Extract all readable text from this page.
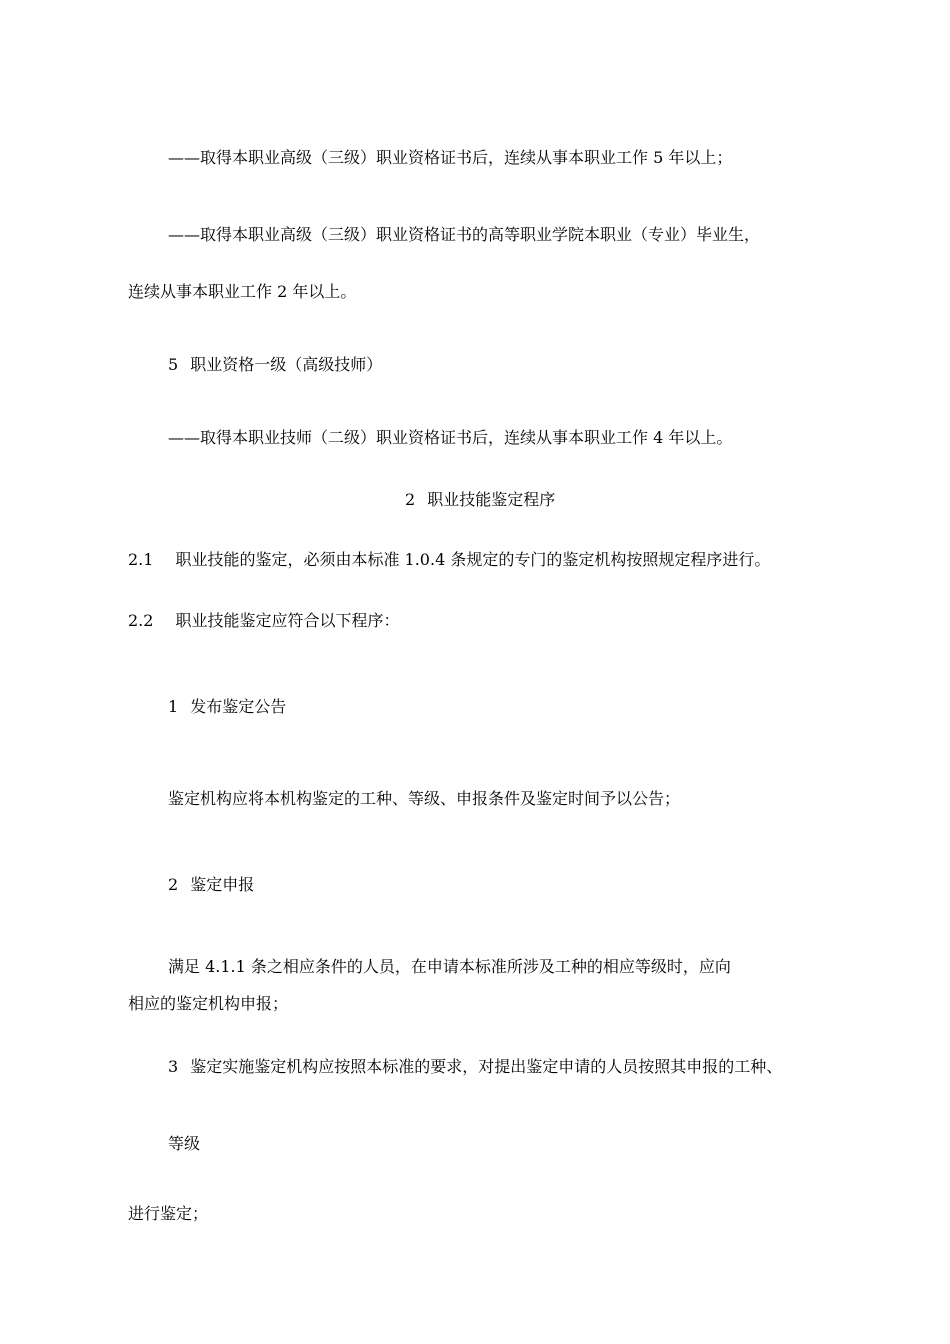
——取得本职业高级（三级）职业资格证书后，连续从事本职业工作 5 年以上；
——取得本职业高级（三级）职业资格证书的高等职业学院本职业（专业）毕业生，
连续从事本职业工作 2 年以上。
5 职业资格一级（高级技师）
——取得本职业技师（二级）职业资格证书后，连续从事本职业工作 4 年以上。
2 职业技能鉴定程序
2.1 职业技能的鉴定，必须由本标准 1.0.4 条规定的专门的鉴定机构按照规定程序进行。
2.2 职业技能鉴定应符合以下程序：
1 发布鉴定公告
鉴定机构应将本机构鉴定的工种、等级、申报条件及鉴定时间予以公告；
2 鉴定申报
满足 4.1.1 条之相应条件的人员，在申请本标准所涉及工种的相应等级时，应向
相应的鉴定机构申报；
3 鉴定实施鉴定机构应按照本标准的要求，对提出鉴定申请的人员按照其申报的工种、
等级
进行鉴定；
